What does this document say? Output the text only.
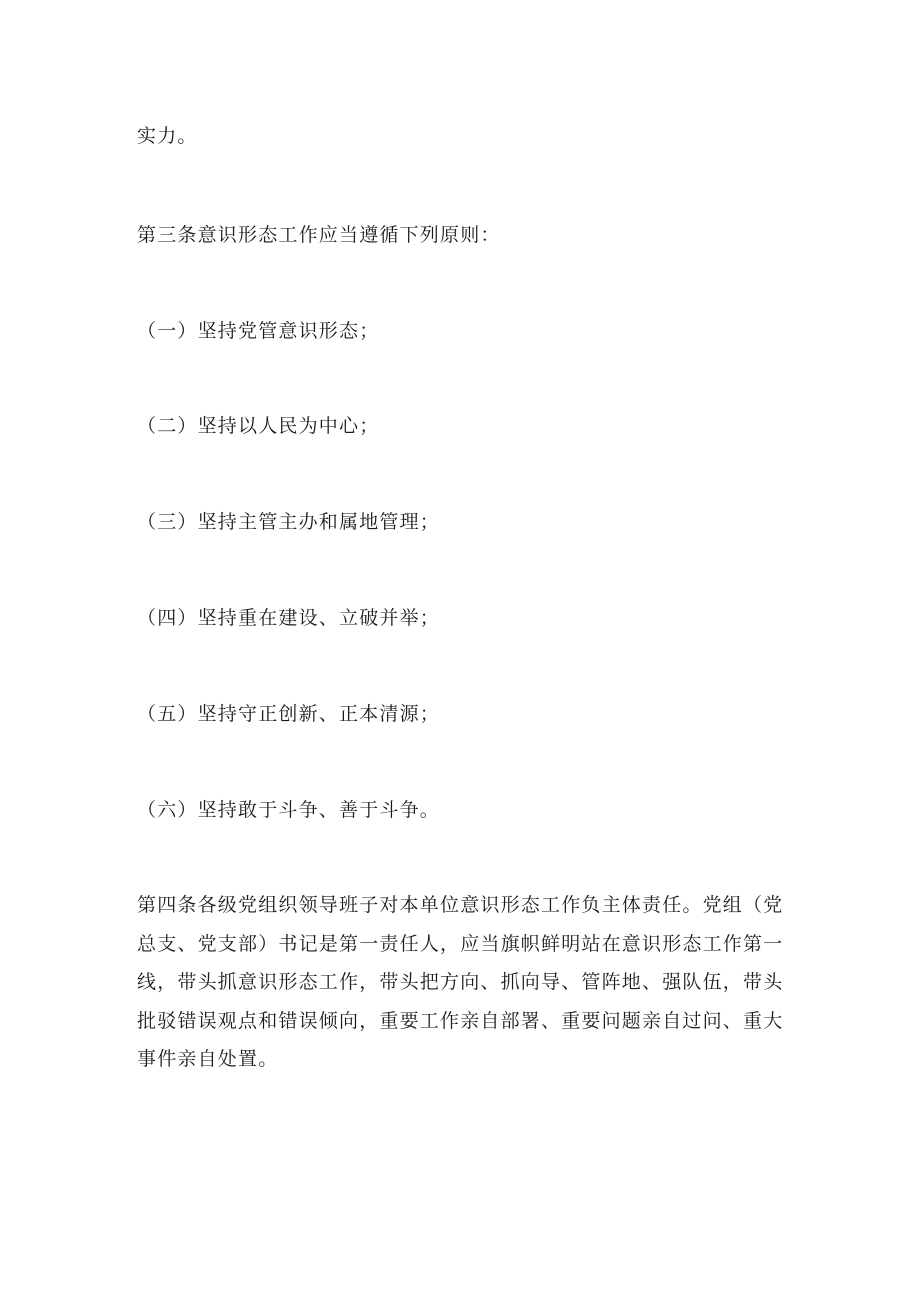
实力。
第三条意识形态工作应当遵循下列原则：
（一）坚持党管意识形态；
（二）坚持以人民为中心；
（三）坚持主管主办和属地管理；
（四）坚持重在建设、立破并举；
（五）坚持守正创新、正本清源；
（六）坚持敢于斗争、善于斗争。
第四条各级党组织领导班子对本单位意识形态工作负主体责任。党组（党
总支、党支部）书记是第一责任人，应当旗帜鲜明站在意识形态工作第一
线，带头抓意识形态工作，带头把方向、抓向导、管阵地、强队伍，带头
批驳错误观点和错误倾向，重要工作亲自部署、重要问题亲自过问、重大
事件亲自处置。
